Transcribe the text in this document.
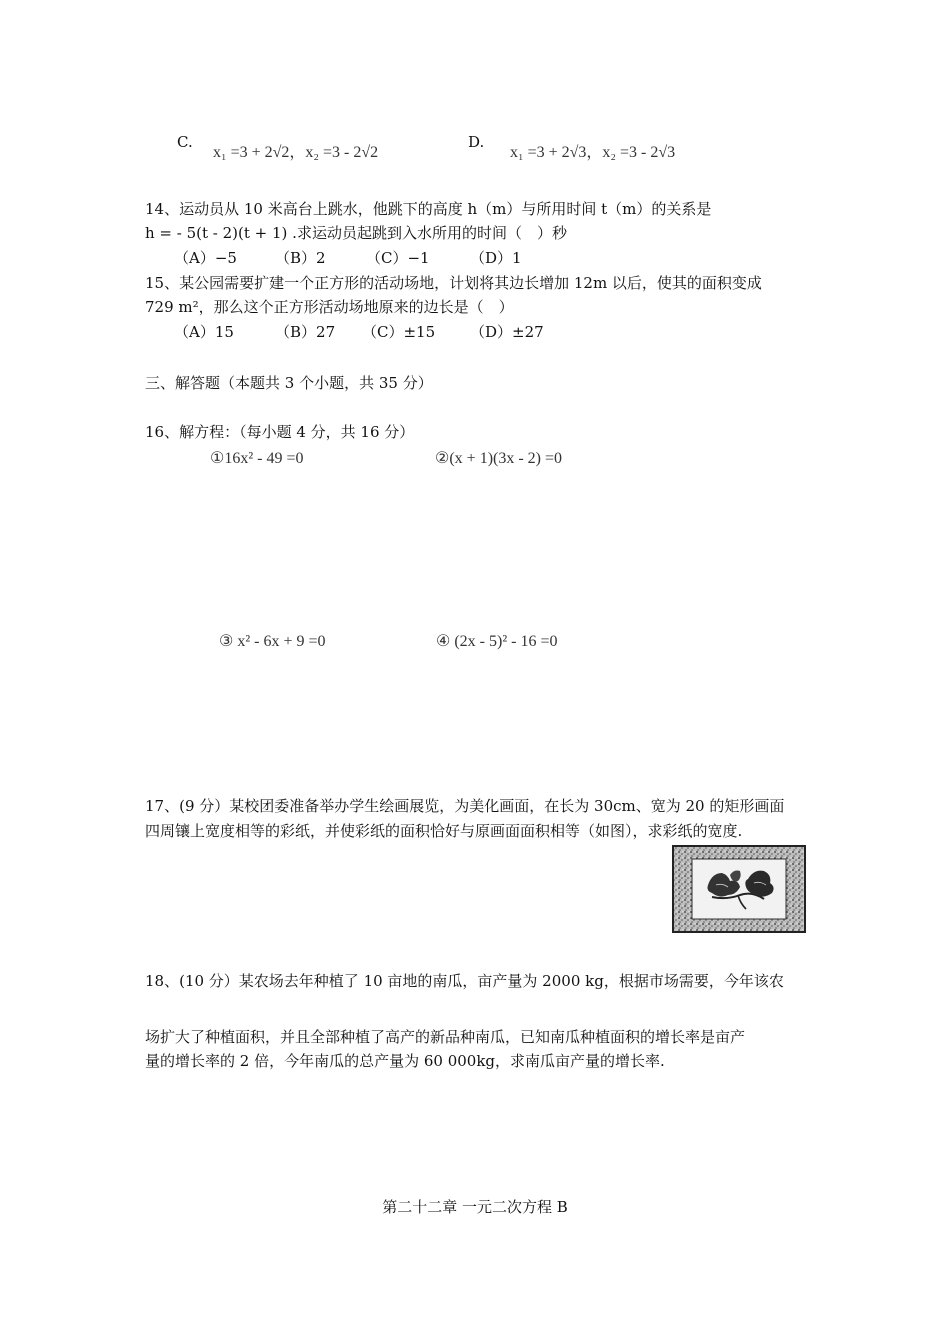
C.
x₁ =3 + 2√2，x₂ =3 - 2√2
D.
x₁ =3 + 2√3，x₂ =3 - 2√3
14、运动员从 10 米高台上跳水，他跳下的高度 h（m）与所用时间 t（m）的关系是
h = - 5(t - 2)(t + 1) .求运动员起跳到入水所用的时间（　）秒
（A）−5	（B）2	（C）−1	（D）1
15、某公园需要扩建一个正方形的活动场地，计划将其边长增加 12m 以后，使其的面积变成
729 m²，那么这个正方形活动场地原来的边长是（　）
（A）15	（B）27 （C）±15 （D）±27
三、解答题（本题共 3 个小题，共 35 分）
16、解方程：（每小题 4 分，共 16 分）
①16x² - 49 =0	②(x + 1)(3x - 2) =0
③ x² - 6x + 9 =0	④ (2x - 5)² - 16 =0
17、(9 分）某校团委准备举办学生绘画展览，为美化画面，在长为 30cm、宽为 20 的矩形画面
四周镶上宽度相等的彩纸，并使彩纸的面积恰好与原画面面积相等（如图），求彩纸的宽度.
18、(10 分）某农场去年种植了 10 亩地的南瓜，亩产量为 2000 kg，根据市场需要，今年该农
场扩大了种植面积，并且全部种植了高产的新品种南瓜，已知南瓜种植面积的增长率是亩产
量的增长率的 2 倍，今年南瓜的总产量为 60 000kg，求南瓜亩产量的增长率.
第二十二章 一元二次方程 B
